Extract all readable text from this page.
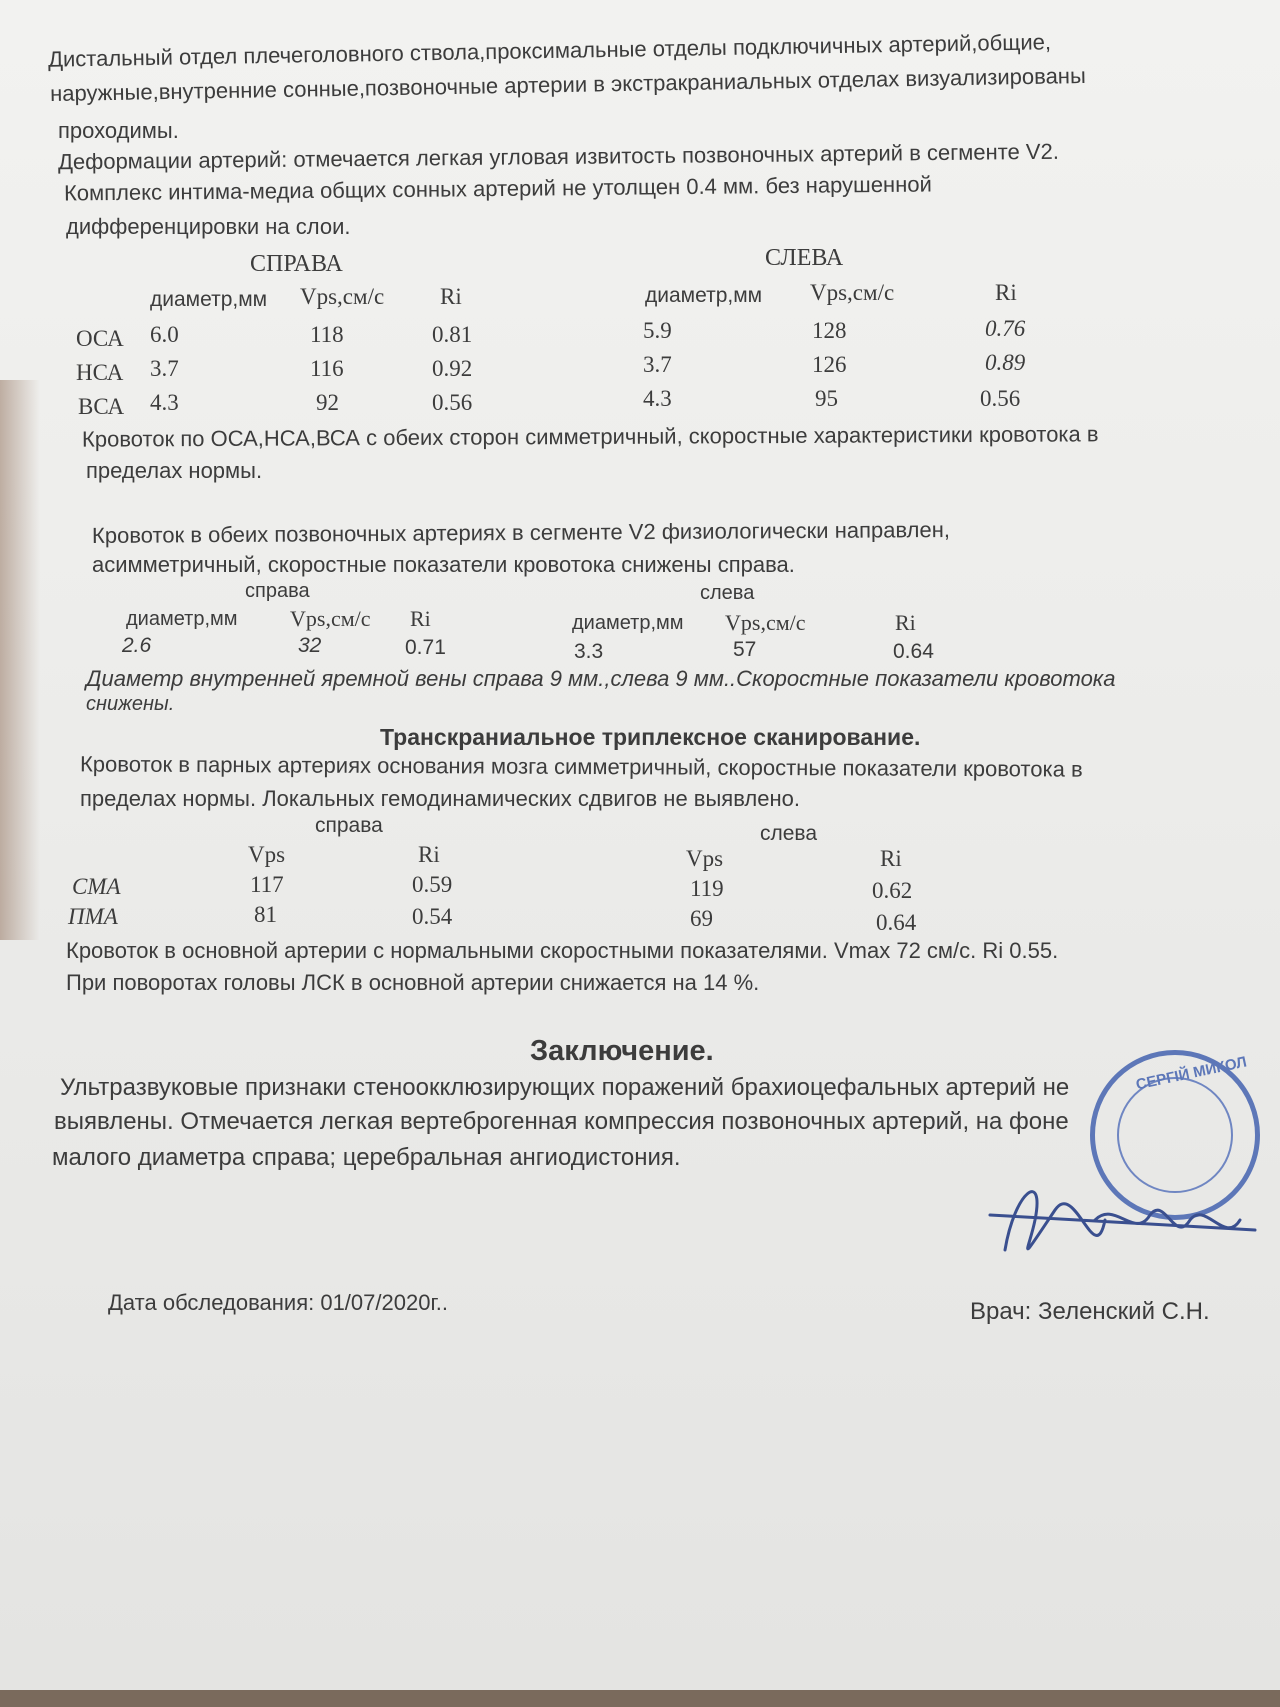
Дистальный отдел плечеголовного ствола,проксимальные отделы подключичных артерий,общие,
наружные,внутренние сонные,позвоночные артерии в экстракраниальных отделах визуализированы
проходимы.
Деформации артерий: отмечается легкая угловая извитость позвоночных артерий в сегменте V2.
Комплекс интима-медиа общих сонных артерий не утолщен 0.4 мм. без нарушенной
дифференцировки на слои.
СПРАВА	СЛЕВА
диаметр,мм Vps,см/с Ri	диаметр,мм Vps,см/с	Ri
ОСА 6.0	118	0.81	5.9	128	0.76
НСА 3.7	116	0.92	3.7	126	0.89
ВСА 4.3	92	0.56	4.3	95	0.56
Кровоток по ОСА,НСА,ВСА с обеих сторон симметричный, скоростные характеристики кровотока в
пределах нормы.
Кровоток в обеих позвоночных артериях в сегменте V2 физиологически направлен,
асимметричный, скоростные показатели кровотока снижены справа.
справа	слева
диаметр,мм Vps,см/с Ri	диаметр,мм Vps,см/с	Ri
2.6	32	0.71	3.3	57	0.64
Диаметр внутренней яремной вены справа 9 мм.,слева 9 мм..Скоростные показатели кровотока
снижены.
Транскраниальное триплексное сканирование.
Кровоток в парных артериях основания мозга симметричный, скоростные показатели кровотока в
пределах нормы. Локальных гемодинамических сдвигов не выявлено.
справа	слева
Vps	Ri	Vps	Ri
СМА	117	0.59	119	0.62
ПМА	81	0.54	69	0.64
Кровоток в основной артерии с нормальными скоростными показателями. Vmax 72 см/с. Ri 0.55.
При поворотах головы ЛСК в основной артерии снижается на 14 %.
Заключение.
Ультразвуковые признаки стеноокклюзирующих поражений брахиоцефальных артерий не
выявлены. Отмечается легкая вертеброгенная компрессия позвоночных артерий, на фоне
малого диаметра справа; церебральная ангиодистония.
СЕРГІЙ МИКОЛ
Дата обследования: 01/07/2020г..	Врач: Зеленский С.Н.
